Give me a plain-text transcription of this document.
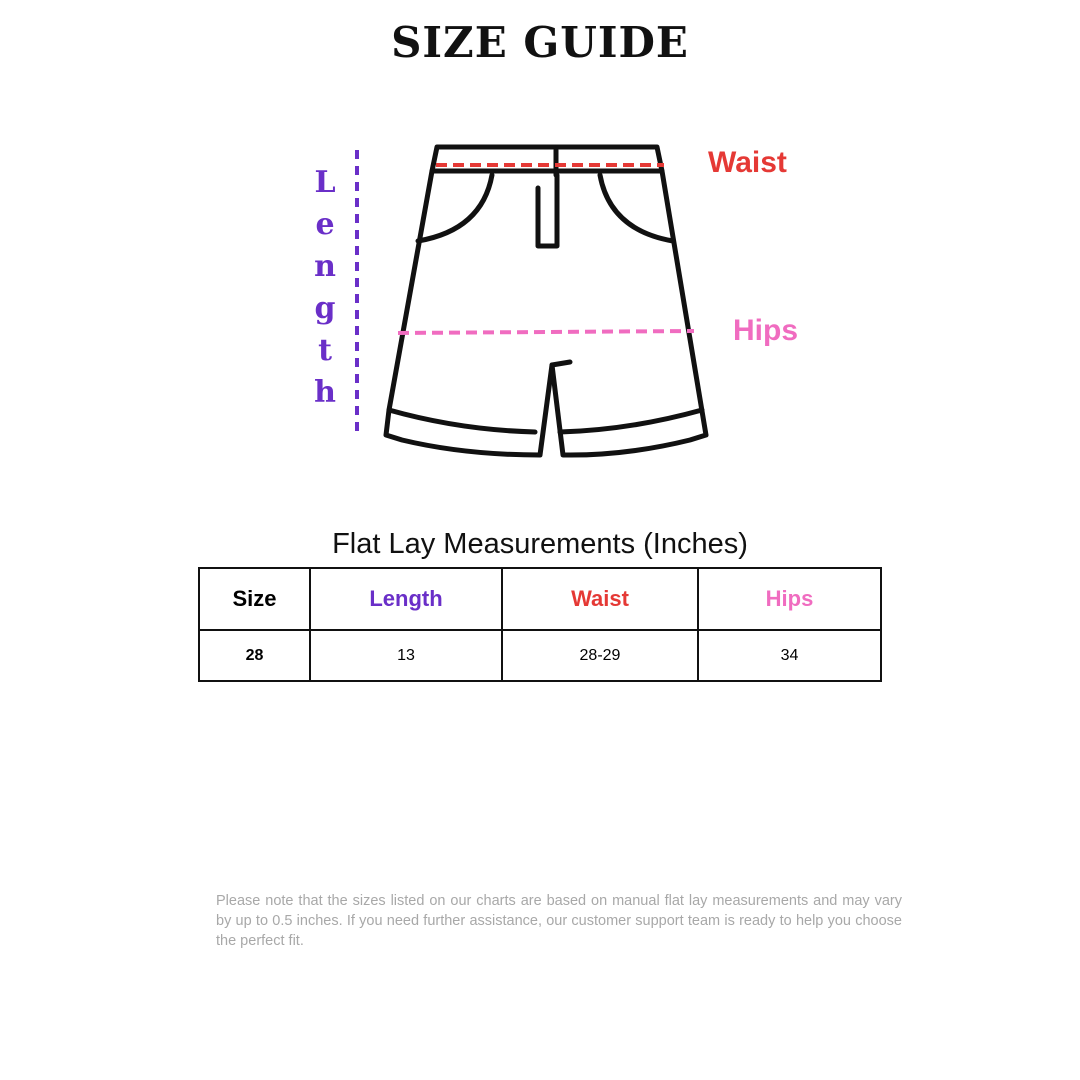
SIZE GUIDE
L
e
n
g
t
h
Waist
Hips
Flat Lay Measurements (Inches)
Size	Length	Waist	Hips
28	13	28-29	34
Please note that the sizes listed on our charts are based on manual flat lay measurements and may vary by up to 0.5 inches. If you need further assistance, our customer support team is ready to help you choose the perfect fit.
